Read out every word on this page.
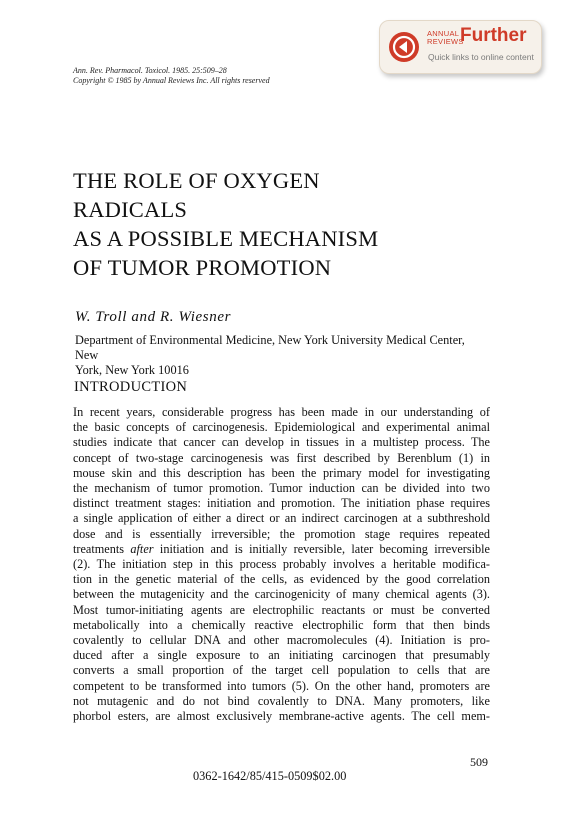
ANNUAL
REVIEWS
Further
Quick links to online content
Ann. Rev. Pharmacol. Toxicol. 1985. 25:509–28
Copyright © 1985 by Annual Reviews Inc. All rights reserved
THE ROLE OF OXYGEN
RADICALS
AS A POSSIBLE MECHANISM
OF TUMOR PROMOTION
W. Troll and R. Wiesner
Department of Environmental Medicine, New York University Medical Center, New
York, New York 10016
INTRODUCTION
In recent years, considerable progress has been made in our understanding of
the basic concepts of carcinogenesis. Epidemiological and experimental animal
studies indicate that cancer can develop in tissues in a multistep process. The
concept of two-stage carcinogenesis was first described by Berenblum (1) in
mouse skin and this description has been the primary model for investigating
the mechanism of tumor promotion. Tumor induction can be divided into two
distinct treatment stages: initiation and promotion. The initiation phase requires
a single application of either a direct or an indirect carcinogen at a subthreshold
dose and is essentially irreversible; the promotion stage requires repeated
treatments after initiation and is initially reversible, later becoming irreversible
(2). The initiation step in this process probably involves a heritable modifica-
tion in the genetic material of the cells, as evidenced by the good correlation
between the mutagenicity and the carcinogenicity of many chemical agents (3).
Most tumor-initiating agents are electrophilic reactants or must be converted
metabolically into a chemically reactive electrophilic form that then binds
covalently to cellular DNA and other macromolecules (4). Initiation is pro-
duced after a single exposure to an initiating carcinogen that presumably
converts a small proportion of the target cell population to cells that are
competent to be transformed into tumors (5). On the other hand, promoters are
not mutagenic and do not bind covalently to DNA. Many promoters, like
phorbol esters, are almost exclusively membrane-active agents. The cell mem-
509
0362-1642/85/415-0509$02.00
